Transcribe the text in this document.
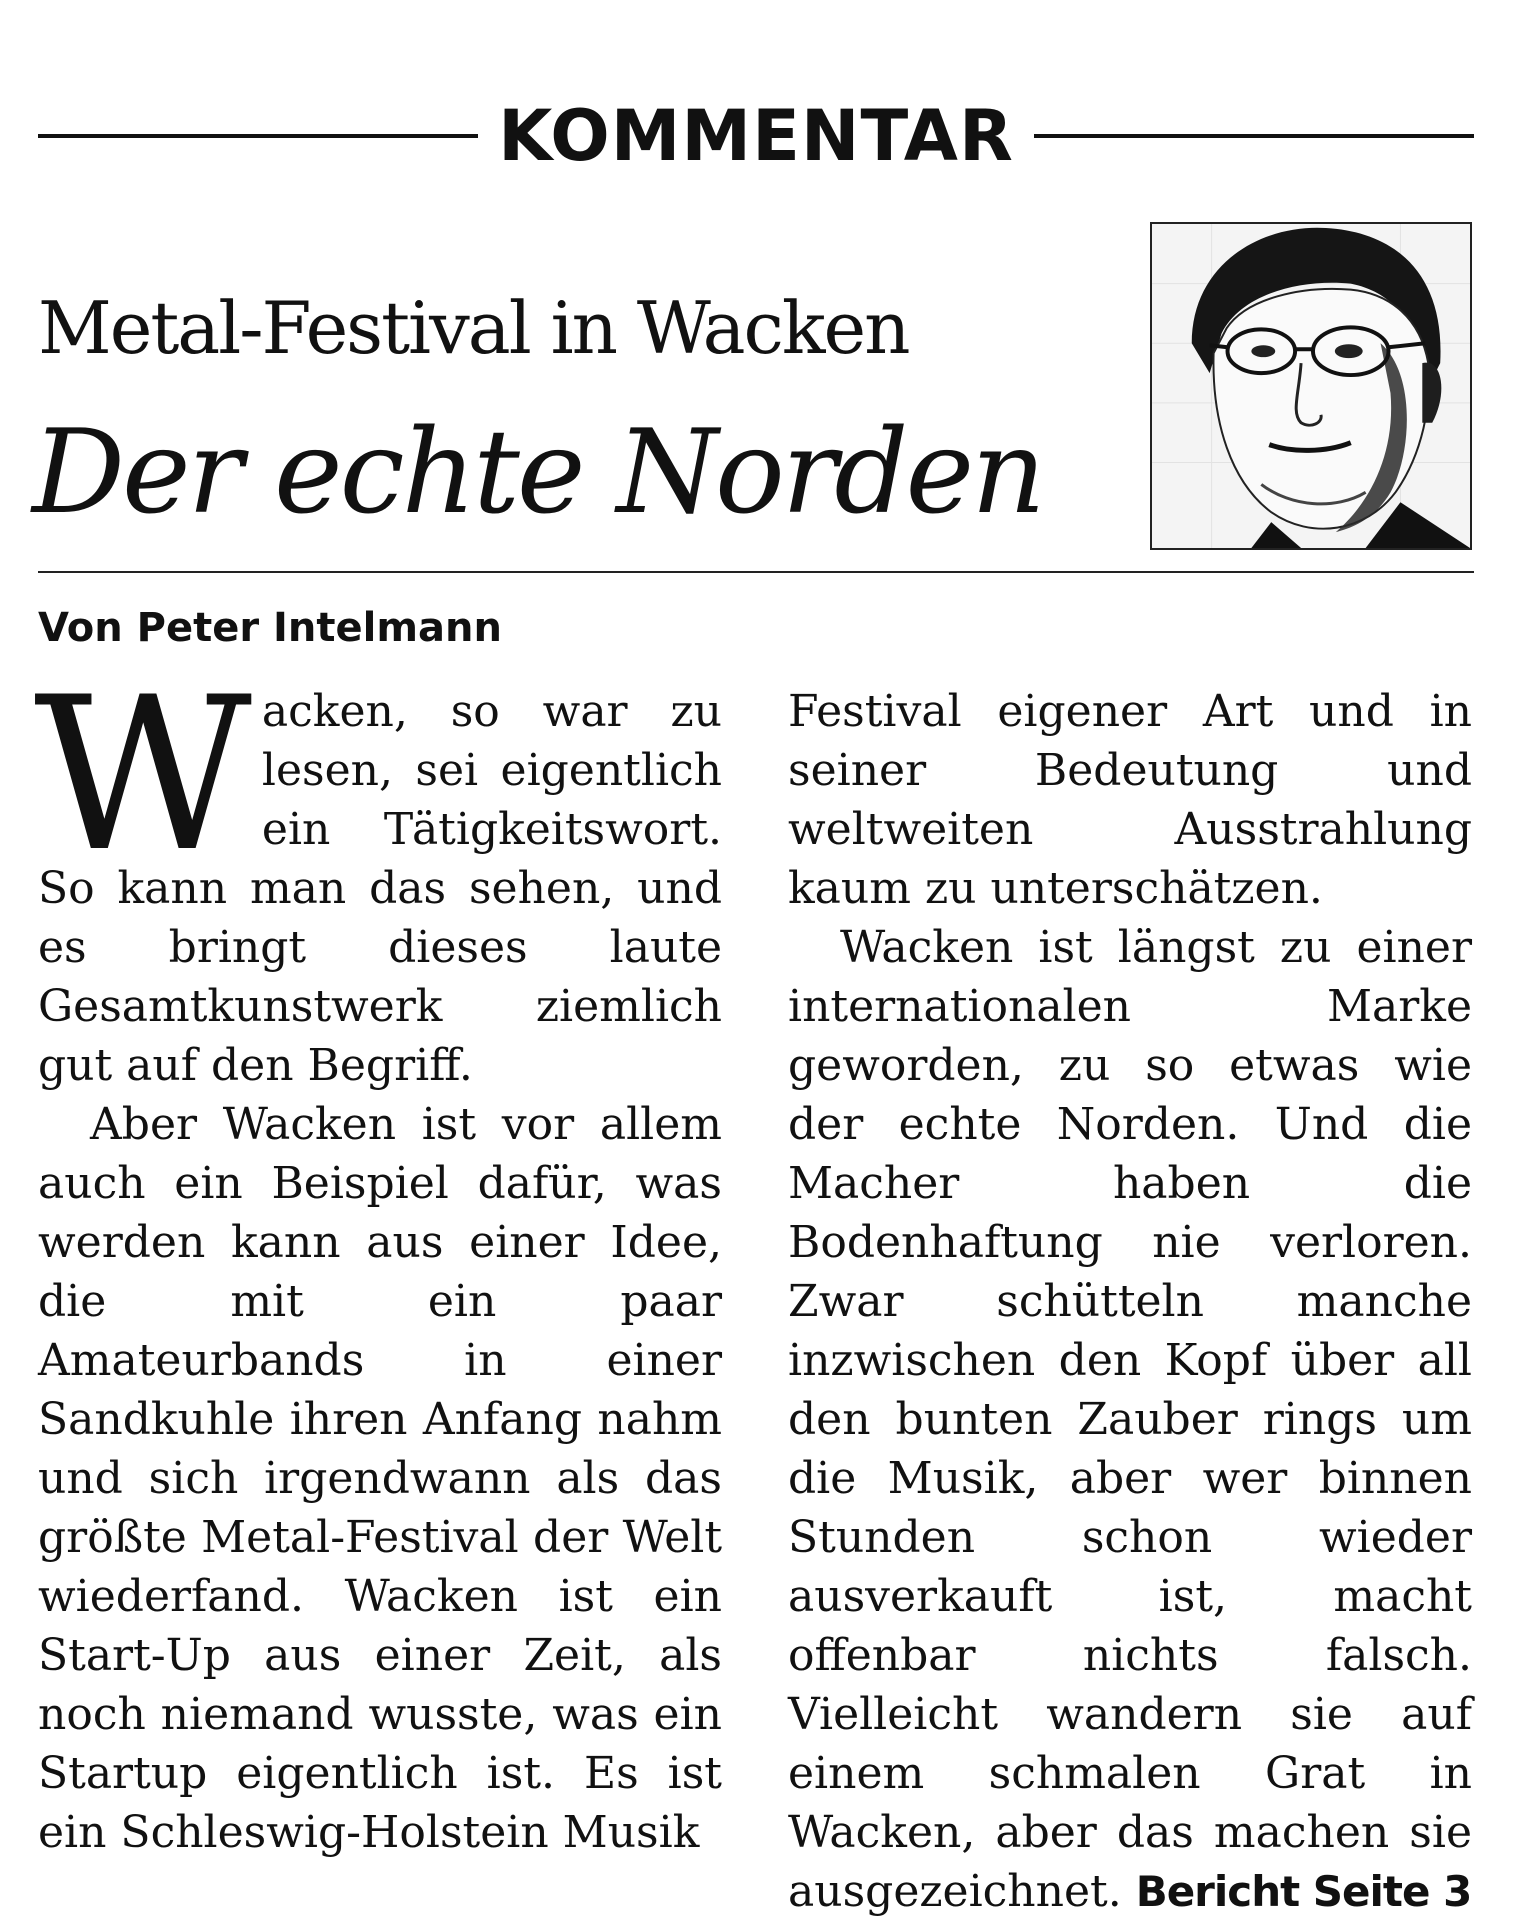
KOMMENTAR
Metal-Festival in Wacken
Der echte Norden
Von Peter Intelmann

Wacken, so war zu lesen, sei eigentlich ein Tätigkeitswort. So kann man das sehen, und es bringt dieses laute Gesamtkunstwerk ziemlich gut auf den Begriff.

Aber Wacken ist vor allem auch ein Beispiel dafür, was werden kann aus einer Idee, die mit ein paar Amateurbands in einer Sandkuhle ihren Anfang nahm und sich irgendwann als das größte Metal-Festival der Welt wiederfand. Wacken ist ein Start-Up aus einer Zeit, als noch niemand wusste, was ein Startup eigentlich ist. Es ist ein Schleswig-Holstein Musik

Festival eigener Art und in seiner Bedeutung und weltweiten Ausstrahlung kaum zu unterschätzen.

Wacken ist längst zu einer internationalen Marke geworden, zu so etwas wie der echte Norden. Und die Macher haben die Bodenhaftung nie verloren. Zwar schütteln manche inzwischen den Kopf über all den bunten Zauber rings um die Musik, aber wer binnen Stunden schon wieder ausverkauft ist, macht offenbar nichts falsch. Vielleicht wandern sie auf einem schmalen Grat in Wacken, aber das machen sie ausgezeichnet. Bericht Seite 3
